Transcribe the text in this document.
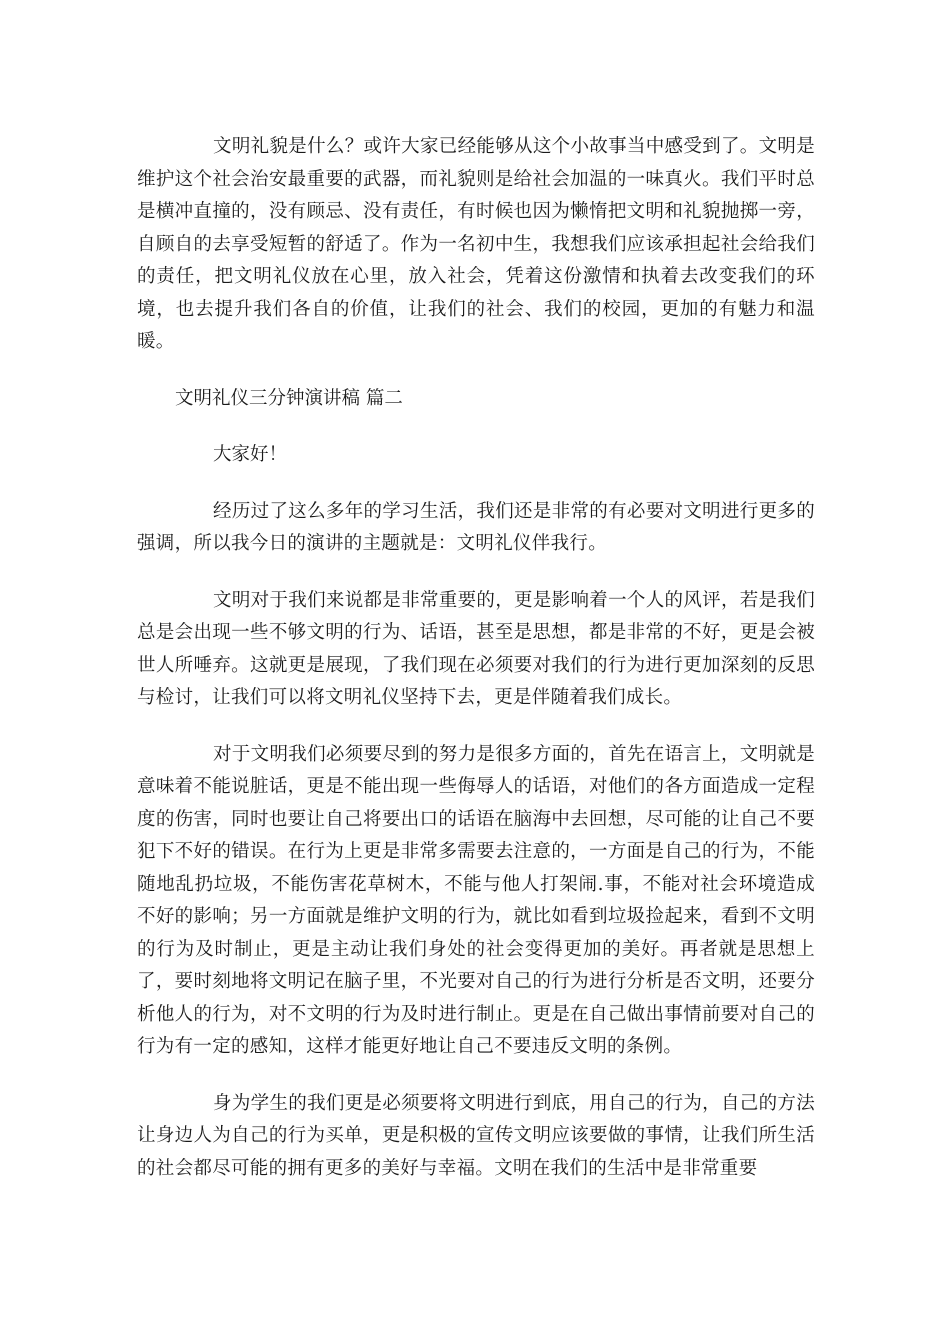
文明礼貌是什么？或许大家已经能够从这个小故事当中感受到了。文明是维护这个社会治安最重要的武器，而礼貌则是给社会加温的一味真火。我们平时总是横冲直撞的，没有顾忌、没有责任，有时候也因为懒惰把文明和礼貌抛掷一旁，自顾自的去享受短暂的舒适了。作为一名初中生，我想我们应该承担起社会给我们的责任，把文明礼仪放在心里，放入社会，凭着这份激情和执着去改变我们的环境，也去提升我们各自的价值，让我们的社会、我们的校园，更加的有魅力和温暖。

文明礼仪三分钟演讲稿 篇二

大家好！

经历过了这么多年的学习生活，我们还是非常的有必要对文明进行更多的强调，所以我今日的演讲的主题就是：文明礼仪伴我行。

文明对于我们来说都是非常重要的，更是影响着一个人的风评，若是我们总是会出现一些不够文明的行为、话语，甚至是思想，都是非常的不好，更是会被世人所唾弃。这就更是展现，了我们现在必须要对我们的行为进行更加深刻的反思与检讨，让我们可以将文明礼仪坚持下去，更是伴随着我们成长。

对于文明我们必须要尽到的努力是很多方面的，首先在语言上，文明就是意味着不能说脏话，更是不能出现一些侮辱人的话语，对他们的各方面造成一定程度的伤害，同时也要让自己将要出口的话语在脑海中去回想，尽可能的让自己不要犯下不好的错误。在行为上更是非常多需要去注意的，一方面是自己的行为，不能随地乱扔垃圾，不能伤害花草树木，不能与他人打架闹.事，不能对社会环境造成不好的影响；另一方面就是维护文明的行为，就比如看到垃圾捡起来，看到不文明的行为及时制止，更是主动让我们身处的社会变得更加的美好。再者就是思想上了，要时刻地将文明记在脑子里，不光要对自己的行为进行分析是否文明，还要分析他人的行为，对不文明的行为及时进行制止。更是在自己做出事情前要对自己的行为有一定的感知，这样才能更好地让自己不要违反文明的条例。

身为学生的我们更是必须要将文明进行到底，用自己的行为，自己的方法让身边人为自己的行为买单，更是积极的宣传文明应该要做的事情，让我们所生活的社会都尽可能的拥有更多的美好与幸福。文明在我们的生活中是非常重要
